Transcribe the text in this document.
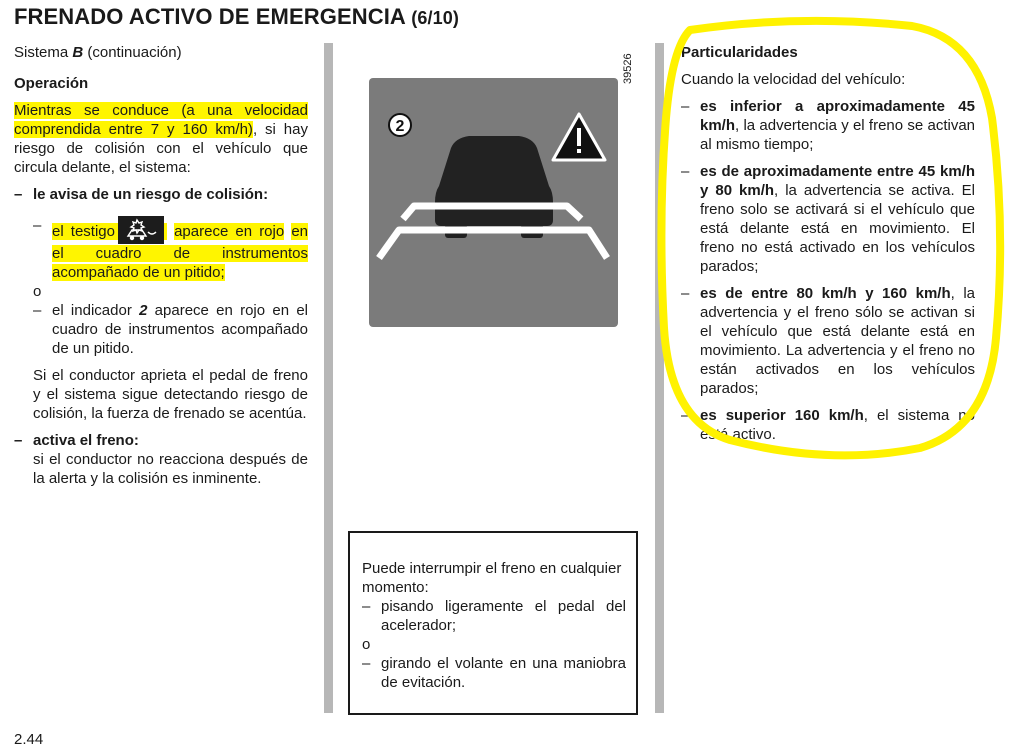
FRENADO ACTIVO DE EMERGENCIA (6/10)

Sistema B (continuación)

Operación

Mientras se conduce (a una velocidad comprendida entre 7 y 160 km/h), si hay riesgo de colisión con el vehículo que circula delante, el sistema:

– le avisa de un riesgo de colisión:
– el testigo	aparece en rojo en el cuadro de instrumentos acompañado de un pitido;

o

– el indicador 2 aparece en rojo en el cuadro de instrumentos acompañado de un pitido.

Si el conductor aprieta el pedal de freno y el sistema sigue detectando riesgo de colisión, la fuerza de frenado se acentúa.

– activa el freno:

si el conductor no reacciona después de la alerta y la colisión es inminente.

2
39526

Puede interrumpir el freno en cualquier momento:

– pisando ligeramente el pedal del acelerador;

o

– girando el volante en una maniobra de evitación.

Particularidades

Cuando la velocidad del vehículo:

– es inferior a aproximadamente 45 km/h, la advertencia y el freno se activan al mismo tiempo;
– es de aproximadamente entre 45 km/h y 80 km/h, la advertencia se activa. El freno solo se activará si el vehículo que está delante está en movimiento. El freno no está activado en los vehículos parados;
– es de entre 80 km/h y 160 km/h, la advertencia y el freno sólo se activan si el vehículo que está delante está en movimiento. La advertencia y el freno no están activados en los vehículos parados;
– es superior 160 km/h, el sistema no está activo.
2.44
